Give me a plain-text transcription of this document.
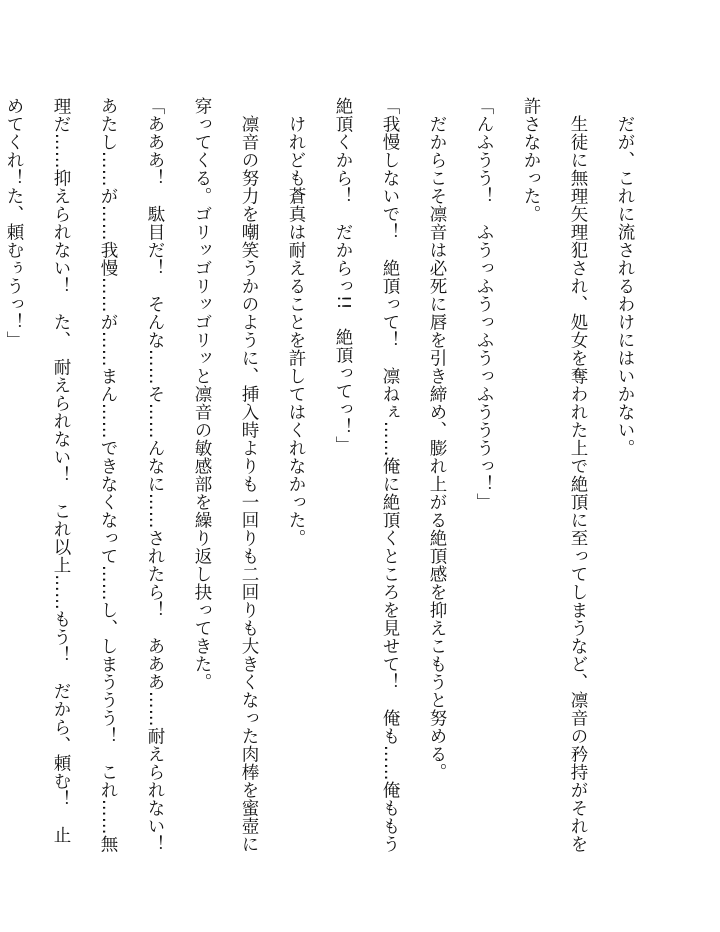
だが、これに流されるわけにはいかない。

生徒に無理矢理犯され、処女を奪われた上で絶頂に至ってしまうなど、凛音の矜持がそれを許さなかった。

「んふうう！　ふうっふうっふうっふうううっ！」

だからこそ凛音は必死に唇を引き締め、膨れ上がる絶頂感を抑えこもうと努める。

「我慢しないで！　絶頂って！　凛ねぇ……俺に絶頂くところを見せて！　俺も……俺ももう絶頂くから！　だからっ!!　絶頂ってっ！」

けれども蒼真は耐えることを許してはくれなかった。

凛音の努力を嘲笑うかのように、挿入時よりも一回りも二回りも大きくなった肉棒を蜜壺に穿ってくる。ゴリッゴリッゴリッと凛音の敏感部を繰り返し抉ってきた。

「あああ！　駄目だ！　そんな……そ……んなに……されたら！　あああ……耐えられない！　あたし……が……我慢……が……まん……できなくなって……し、しまううう！　これ……無理だ……抑えられない！　た、　耐えられない！　これ以上……もう！　だから、頼む！　止めてくれ！た、頼むぅうっ！」
